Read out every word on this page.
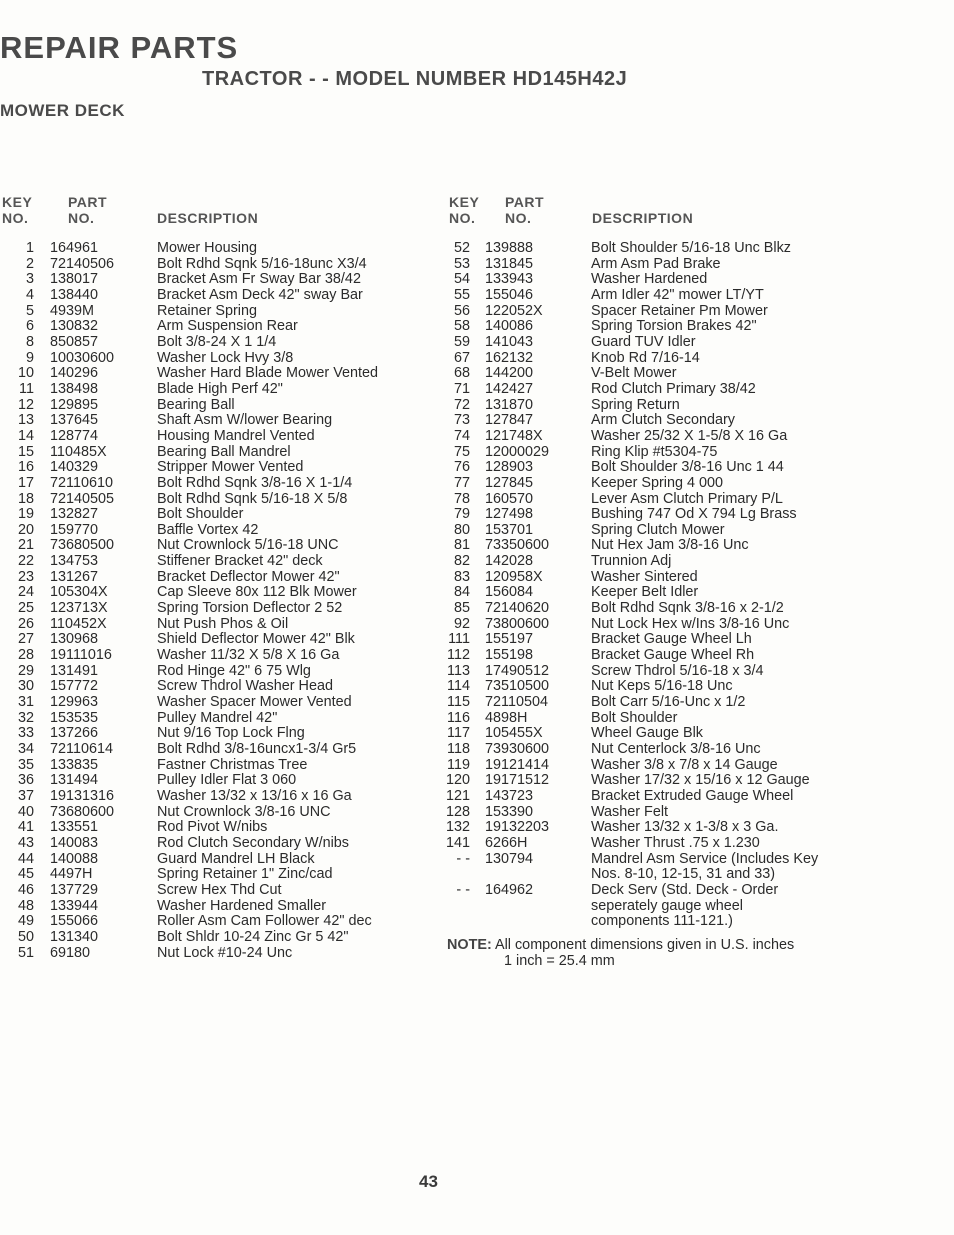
REPAIR PARTS
TRACTOR - - MODEL NUMBER HD145H42J
MOWER DECK
KEY
NO.
PART
NO.	DESCRIPTION
KEY
NO.
PART
NO.	DESCRIPTION
1 164961	Mower Housing
2 72140506	Bolt Rdhd Sqnk 5/16-18unc X3/4
3 138017	Bracket Asm Fr Sway Bar 38/42
4 138440	Bracket Asm Deck 42" sway Bar
5 4939M	Retainer Spring
6 130832	Arm Suspension Rear
8 850857	Bolt 3/8-24 X 1 1/4
9 10030600	Washer Lock Hvy 3/8
10 140296	Washer Hard Blade Mower Vented
11 138498	Blade High Perf 42"
12 129895	Bearing Ball
13 137645	Shaft Asm W/lower Bearing
14 128774	Housing Mandrel Vented
15 110485X	Bearing Ball Mandrel
16 140329	Stripper Mower Vented
17 72110610	Bolt Rdhd Sqnk 3/8-16 X 1-1/4
18 72140505	Bolt Rdhd Sqnk 5/16-18 X 5/8
19 132827	Bolt Shoulder
20 159770	Baffle Vortex 42
21 73680500	Nut Crownlock 5/16-18 UNC
22 134753	Stiffener Bracket 42" deck
23 131267	Bracket Deflector Mower 42"
24 105304X	Cap Sleeve 80x 112 Blk Mower
25 123713X	Spring Torsion Deflector 2 52
26 110452X	Nut Push Phos & Oil
27 130968	Shield Deflector Mower 42" Blk
28 19111016	Washer 11/32 X 5/8 X 16 Ga
29 131491	Rod Hinge 42" 6 75 Wlg
30 157772	Screw Thdrol Washer Head
31 129963	Washer Spacer Mower Vented
32 153535	Pulley Mandrel 42"
33 137266	Nut 9/16 Top Lock Flng
34 72110614	Bolt Rdhd 3/8-16uncx1-3/4 Gr5
35 133835	Fastner Christmas Tree
36 131494	Pulley Idler Flat 3 060
37 19131316	Washer 13/32 x 13/16 x 16 Ga
40 73680600	Nut Crownlock 3/8-16 UNC
41 133551	Rod Pivot W/nibs
43 140083	Rod Clutch Secondary W/nibs
44 140088	Guard Mandrel LH Black
45 4497H	Spring Retainer 1" Zinc/cad
46 137729	Screw Hex Thd Cut
48 133944	Washer Hardened Smaller
49 155066	Roller Asm Cam Follower 42" dec
50 131340	Bolt Shldr 10-24 Zinc Gr 5 42"
51 69180	Nut Lock #10-24 Unc
52 139888	Bolt Shoulder 5/16-18 Unc Blkz
53 131845	Arm Asm Pad Brake
54 133943	Washer Hardened
55 155046	Arm Idler 42" mower LT/YT
56 122052X	Spacer Retainer Pm Mower
58 140086	Spring Torsion Brakes 42"
59 141043	Guard TUV Idler
67 162132	Knob Rd 7/16-14
68 144200	V-Belt Mower
71 142427	Rod Clutch Primary 38/42
72 131870	Spring Return
73 127847	Arm Clutch Secondary
74 121748X	Washer 25/32 X 1-5/8 X 16 Ga
75 12000029	Ring Klip #t5304-75
76 128903	Bolt Shoulder 3/8-16 Unc 1 44
77 127845	Keeper Spring 4 000
78 160570	Lever Asm Clutch Primary P/L
79 127498	Bushing 747 Od X 794 Lg Brass
80 153701	Spring Clutch Mower
81 73350600	Nut Hex Jam 3/8-16 Unc
82 142028	Trunnion Adj
83 120958X	Washer Sintered
84 156084	Keeper Belt Idler
85 72140620	Bolt Rdhd Sqnk 3/8-16 x 2-1/2
92 73800600	Nut Lock Hex w/Ins 3/8-16 Unc
111 155197	Bracket Gauge Wheel Lh
112 155198	Bracket Gauge Wheel Rh
113 17490512	Screw Thdrol 5/16-18 x 3/4
114 73510500	Nut Keps 5/16-18 Unc
115 72110504	Bolt Carr 5/16-Unc x 1/2
116 4898H	Bolt Shoulder
117 105455X	Wheel Gauge Blk
118 73930600	Nut Centerlock 3/8-16 Unc
119 19121414	Washer 3/8 x 7/8 x 14 Gauge
120 19171512	Washer 17/32 x 15/16 x 12 Gauge
121 143723	Bracket Extruded Gauge Wheel
128 153390	Washer Felt
132 19132203	Washer 13/32 x 1-3/8 x 3 Ga.
141 6266H	Washer Thrust .75 x 1.230
- - 130794	Mandrel Asm Service (Includes Key
Nos. 8-10, 12-15, 31 and 33)
- - 164962	Deck Serv (Std. Deck - Order
seperately gauge wheel
components 111-121.)
NOTE: All component dimensions given in U.S. inches
1 inch = 25.4 mm
43
